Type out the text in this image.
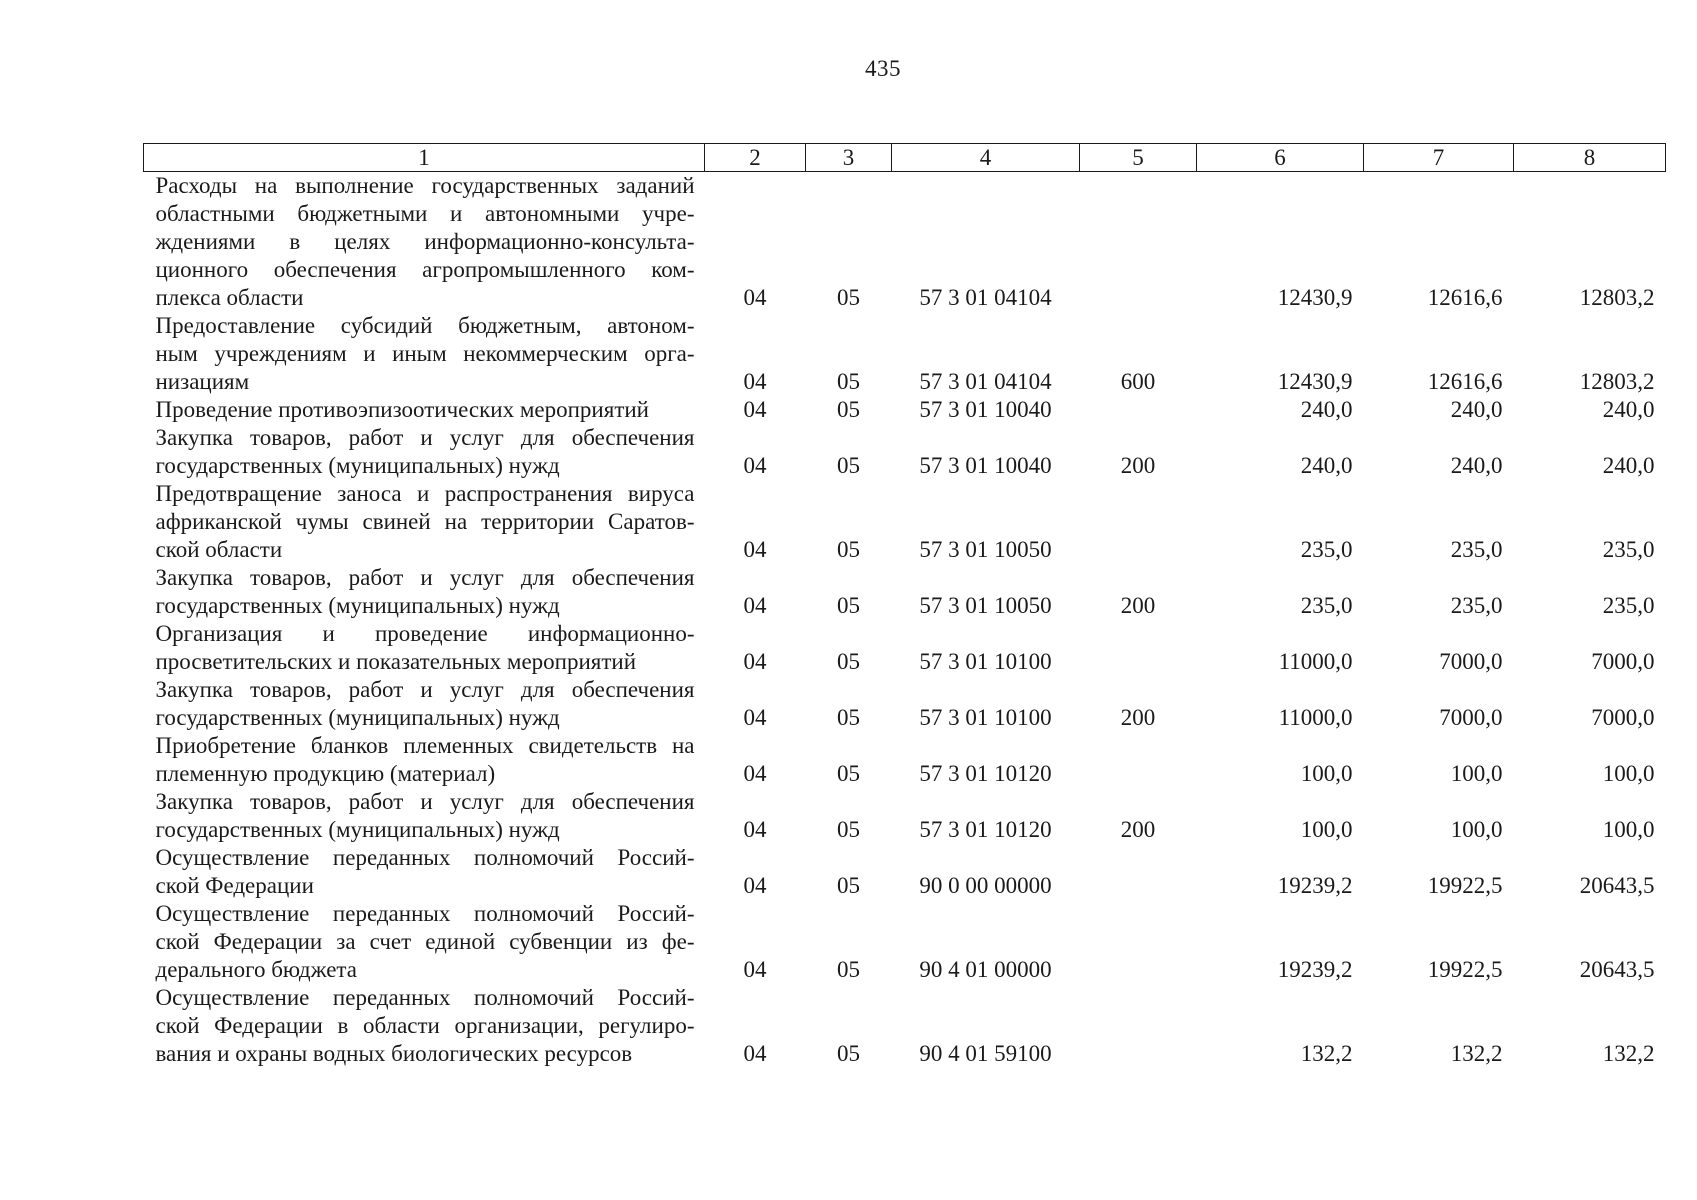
435
1	2	3	4	5	6	7	8

Расходы на выполнение государственных заданий
областными бюджетными и автономными учре-
ждениями в целях информационно-консульта-
ционного обеспечения агропромышленного ком-
плекса области	04	05	57 3 01 04104		12430,9	12616,6	12803,2

Предоставление субсидий бюджетным, автоном-
ным учреждениям и иным некоммерческим орга-
низациям	04	05	57 3 01 04104	600	12430,9	12616,6	12803,2

Проведение противоэпизоотических мероприятий	04	05	57 3 01 10040		240,0	240,0	240,0

Закупка товаров, работ и услуг для обеспечения
государственных (муниципальных) нужд	04	05	57 3 01 10040	200	240,0	240,0	240,0

Предотвращение заноса и распространения вируса
африканской чумы свиней на территории Саратов-
ской области	04	05	57 3 01 10050		235,0	235,0	235,0

Закупка товаров, работ и услуг для обеспечения
государственных (муниципальных) нужд	04	05	57 3 01 10050	200	235,0	235,0	235,0

Организация и проведение информационно-
просветительских и показательных мероприятий	04	05	57 3 01 10100		11000,0	7000,0	7000,0

Закупка товаров, работ и услуг для обеспечения
государственных (муниципальных) нужд	04	05	57 3 01 10100	200	11000,0	7000,0	7000,0

Приобретение бланков племенных свидетельств на
племенную продукцию (материал)	04	05	57 3 01 10120		100,0	100,0	100,0

Закупка товаров, работ и услуг для обеспечения
государственных (муниципальных) нужд	04	05	57 3 01 10120	200	100,0	100,0	100,0

Осуществление переданных полномочий Россий-
ской Федерации	04	05	90 0 00 00000		19239,2	19922,5	20643,5

Осуществление переданных полномочий Россий-
ской Федерации за счет единой субвенции из фе-
дерального бюджета	04	05	90 4 01 00000		19239,2	19922,5	20643,5

Осуществление переданных полномочий Россий-
ской Федерации в области организации, регулиро-
вания и охраны водных биологических ресурсов	04	05	90 4 01 59100		132,2	132,2	132,2
